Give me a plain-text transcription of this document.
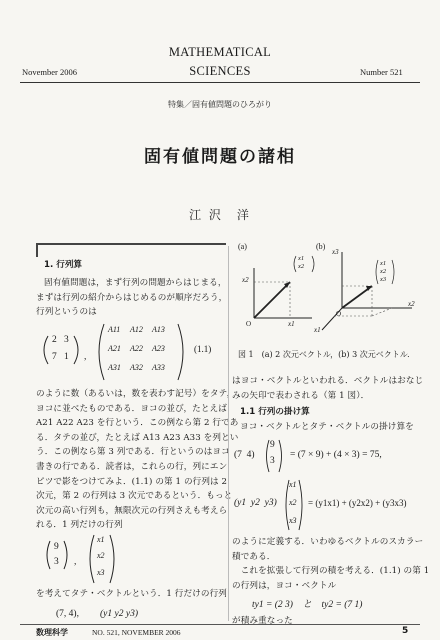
November 2006
MATHEMATICAL
SCIENCES	Number 521
特集／固有値問題のひろがり
固有値問題の諸相
江 沢　洋
1. 行列算

固有値問題は，まず行列の問題からはじまる，

まずは行列の紹介からはじめるのが順序だろう，

行列というのは

2 3
7 1 ,
A11 A12 A13
A21 A22 A23
A31 A32 A33
(1.1)

のように数（あるいは，数を表わす記号）をタテ，

ヨコに並べたものである．ヨコの並び，たとえば

A21 A22 A23 を行という．この例なら第 2 行であ

る．タテの並び，たとえば A13 A23 A33 を列とい

う．この例なら第 3 列である．行というのはヨコ

書きの行である．読者は，これらの行，列にエン

ピツで影をつけてみよ．(1.1) の第 1 の行列は 2

次元，第 2 の行列は 3 次元であるという．もっと

次元の高い行列も，無限次元の行列さえも考えら

れる．1 列だけの行列

9
3 ,
x1
x2
x3

を考えてタテ・ベクトルという．1 行だけの行列

(7, 4), (y1 y2 y3)
(a)	(b)
x2
O	x1
x3
O
x2
x1
x1
x2	x1
x2
x3
図 1　(a) 2 次元ベクトル，(b) 3 次元ベクトル．

はヨコ・ベクトルといわれる．ベクトルはおなじ

みの矢印で表わされる（第 1 図）．

1.1 行列の掛け算

ヨコ・ベクトルとタテ・ベクトルの掛け算を

(7  4)
9
3
= (7 × 9) + (4 × 3) = 75,
(y1  y2  y3)
x1
x2
x3
= (y1x1) + (y2x2) + (y3x3)

のように定義する．いわゆるベクトルのスカラー

積である．

　これを拡張して行列の積を考える．(1.1) の第 1

の行列は，ヨコ・ベクトル

ty1 = (2 3)　と　ty2 = (7 1)

が積み重なった

数理科学	NO. 521, NOVEMBER 2006	5
